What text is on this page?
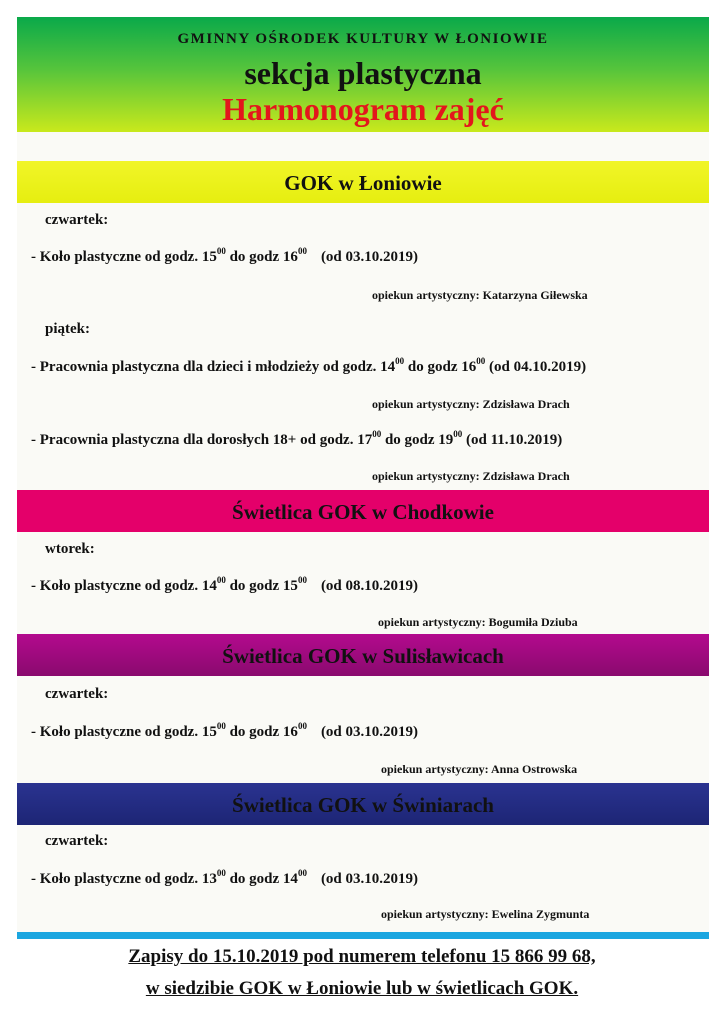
GMINNY OŚRODEK KULTURY W ŁONIOWIE
sekcja plastyczna
Harmonogram zajęć
GOK w Łoniowie
czwartek:
- Koło plastyczne od godz. $15^{00}$ do godz $16^{00}$ (od 03.10.2019)
opiekun artystyczny: Katarzyna Giłewska
piątek:
- Pracownia plastyczna dla dzieci i młodzieży od godz. $14^{00}$ do godz $16^{00}$ (od 04.10.2019)
opiekun artystyczny: Zdzisława Drach
- Pracownia plastyczna dla dorosłych 18+ od godz. $17^{00}$ do godz $19^{00}$ (od 11.10.2019)
opiekun artystyczny: Zdzisława Drach
Świetlica GOK w Chodkowie
wtorek:
- Koło plastyczne od godz. $14^{00}$ do godz $15^{00}$ (od 08.10.2019)
opiekun artystyczny: Bogumiła Dziuba
Świetlica GOK w Sulisławicach
czwartek:
- Koło plastyczne od godz. $15^{00}$ do godz $16^{00}$ (od 03.10.2019)
opiekun artystyczny: Anna Ostrowska
Świetlica GOK w Świniarach
czwartek:
- Koło plastyczne od godz. $13^{00}$ do godz $14^{00}$ (od 03.10.2019)
opiekun artystyczny: Ewelina Zygmunta
Zapisy do 15.10.2019 pod numerem telefonu 15 866 99 68,
w siedzibie GOK w Łoniowie lub w świetlicach GOK.
